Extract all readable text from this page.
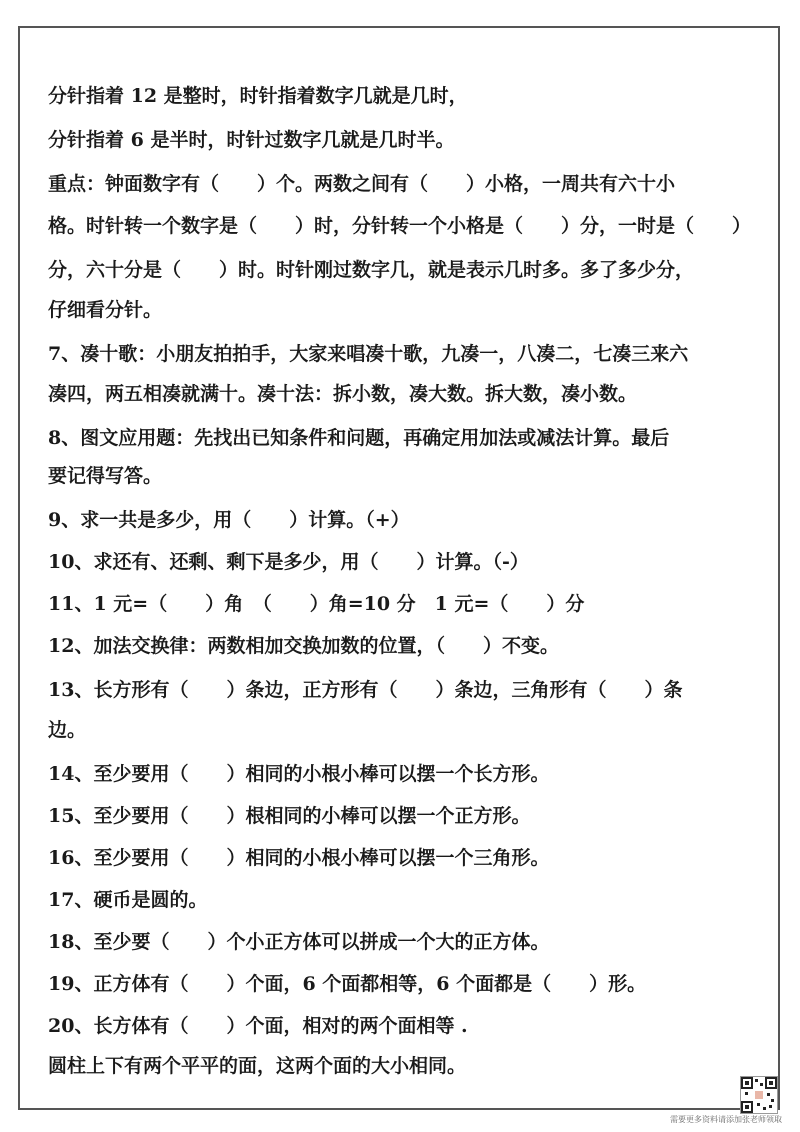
分针指着 12 是整时，时针指着数字几就是几时，
分针指着 6 是半时，时针过数字几就是几时半。
重点：钟面数字有（　　）个。两数之间有（　　）小格，一周共有六十小
格。时针转一个数字是（　　）时，分针转一个小格是（　　）分，一时是（　　）
分，六十分是（　　）时。时针刚过数字几，就是表示几时多。多了多少分，
仔细看分针。
7、凑十歌：小朋友拍拍手，大家来唱凑十歌，九凑一，八凑二，七凑三来六
凑四，两五相凑就满十。凑十法：拆小数，凑大数。拆大数，凑小数。
8、图文应用题：先找出已知条件和问题，再确定用加法或减法计算。最后
要记得写答。
9、求一共是多少，用（　　）计算。（+）
10、求还有、还剩、剩下是多少，用（　　）计算。（-）
11、1 元=（　　）角　（　　）角=10 分　1 元=（　　）分
12、加法交换律：两数相加交换加数的位置，（　　）不变。
13、长方形有（　　）条边，正方形有（　　）条边，三角形有（　　）条
边。
14、至少要用（　　）相同的小根小棒可以摆一个长方形。
15、至少要用（　　）根相同的小棒可以摆一个正方形。
16、至少要用（　　）相同的小根小棒可以摆一个三角形。
17、硬币是圆的。
18、至少要（　　）个小正方体可以拼成一个大的正方体。
19、正方体有（　　）个面，6 个面都相等，6 个面都是（　　）形。
20、长方体有（　　）个面，相对的两个面相等 .
圆柱上下有两个平平的面，这两个面的大小相同。
需要更多资料请添加张老师领取
